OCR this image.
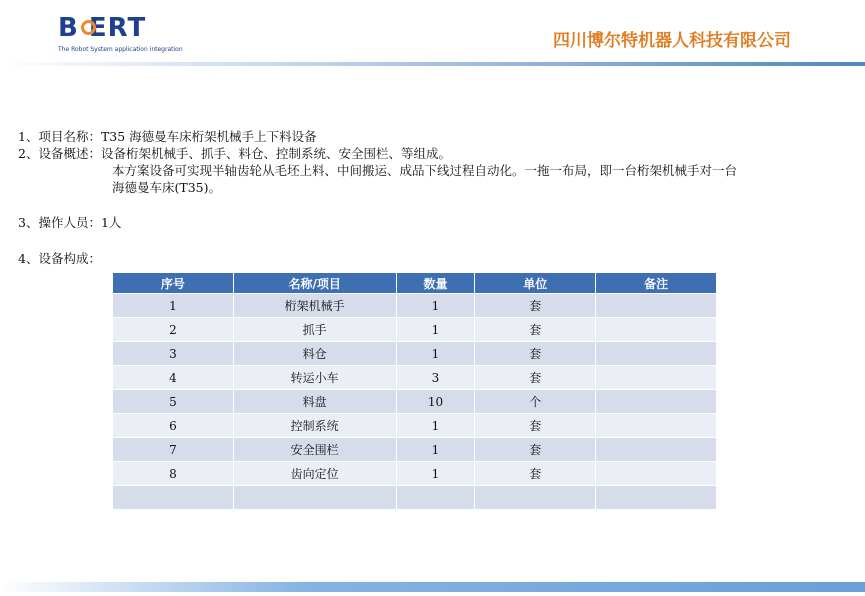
B ERT
The Robot System application integration	四川博尔特机器人科技有限公司
1、项目名称：T35 海德曼车床桁架机械手上下料设备
2、设备概述：设备桁架机械手、抓手、料仓、控制系统、安全围栏、等组成。
本方案设备可实现半轴齿轮从毛坯上料、中间搬运、成品下线过程自动化。一拖一布局，即一台桁架机械手对一台
海德曼车床(T35)。
3、操作人员：1人
4、设备构成：
序号	名称/项目	数量	单位	备注
1	桁架机械手	1	套	
2	抓手	1	套	
3	料仓	1	套	
4	转运小车	3	套	
5	料盘	10	个	
6	控制系统	1	套	
7	安全围栏	1	套	
8	齿向定位	1	套	
